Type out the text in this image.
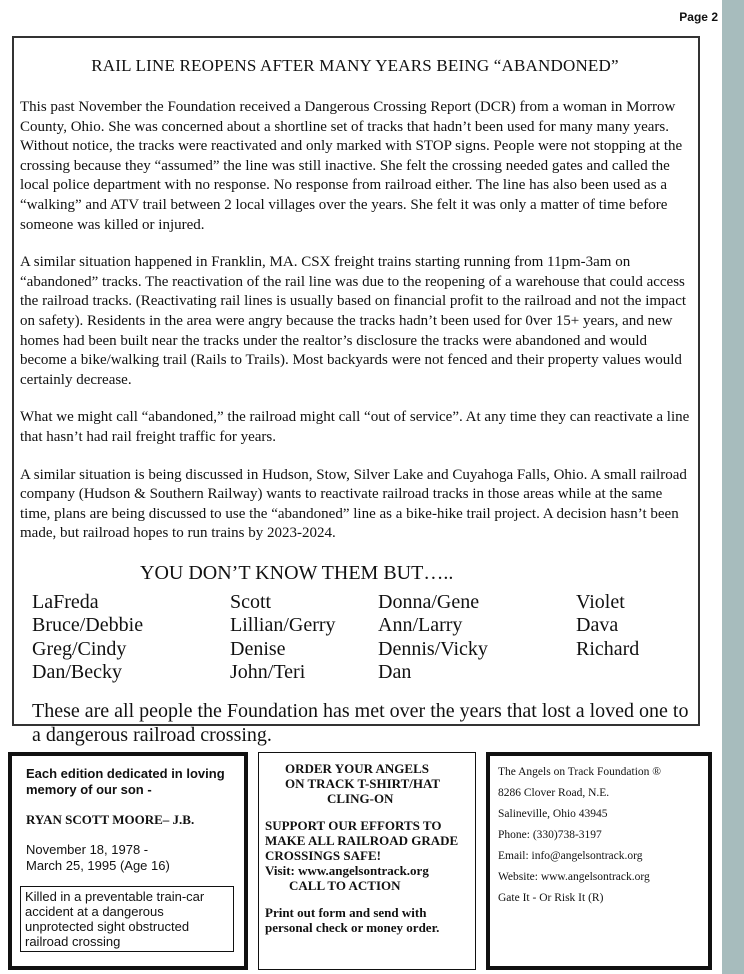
Page 2
RAIL LINE REOPENS AFTER MANY YEARS BEING “ABANDONED”

This past November the Foundation received a Dangerous Crossing Report (DCR) from a woman in Morrow County, Ohio. She was concerned about a shortline set of tracks that hadn’t been used for many many years. Without notice, the tracks were reactivated and only marked with STOP signs. People were not stopping at the crossing because they “assumed” the line was still inactive. She felt the crossing needed gates and called the local police department with no response. No response from railroad either. The line has also been used as a “walking” and ATV trail between 2 local villages over the years. She felt it was only a matter of time before someone was killed or injured.

A similar situation happened in Franklin, MA. CSX freight trains starting running from 11pm-3am on “abandoned” tracks. The reactivation of the rail line was due to the reopening of a warehouse that could access the railroad tracks. (Reactivating rail lines is usually based on financial profit to the railroad and not the impact on safety). Residents in the area were angry because the tracks hadn’t been used for 0ver 15+ years, and new homes had been built near the tracks under the realtor’s disclosure the tracks were abandoned and would become a bike/walking trail (Rails to Trails). Most backyards were not fenced and their property values would certainly decrease.

What we might call “abandoned,” the railroad might call “out of service”. At any time they can reactivate a line that hasn’t had rail freight traffic for years.

A similar situation is being discussed in Hudson, Stow, Silver Lake and Cuyahoga Falls, Ohio. A small railroad company (Hudson & Southern Railway) wants to reactivate railroad tracks in those areas while at the same time, plans are being discussed to use the “abandoned” line as a bike-hike trail project. A decision hasn’t been made, but railroad hopes to run trains by 2023-2024.

YOU DON’T KNOW THEM BUT…..
LaFreda
Bruce/Debbie
Greg/Cindy
Dan/Becky
Scott
Lillian/Gerry
Denise
John/Teri
Donna/Gene
Ann/Larry
Dennis/Vicky
Dan
Violet
Dava
Richard
These are all people the Foundation has met over the years that lost a loved one to a dangerous railroad crossing.
Each edition dedicated in loving memory of our son -
RYAN SCOTT MOORE– J.B.
November 18, 1978 -
March 25, 1995 (Age 16)
Killed in a preventable train-car accident at a dangerous unprotected sight obstructed railroad crossing
ORDER YOUR ANGELS
ON TRACK T-SHIRT/HAT
CLING-ON
SUPPORT OUR EFFORTS TO MAKE ALL RAILROAD GRADE CROSSINGS SAFE!
Visit: www.angelsontrack.org
CALL TO ACTION
Print out form and send with personal check or money order.
The Angels on Track Foundation ®
8286 Clover Road, N.E.
Salineville, Ohio 43945
Phone: (330)738-3197
Email: info@angelsontrack.org
Website: www.angelsontrack.org
Gate It - Or Risk It (R)
